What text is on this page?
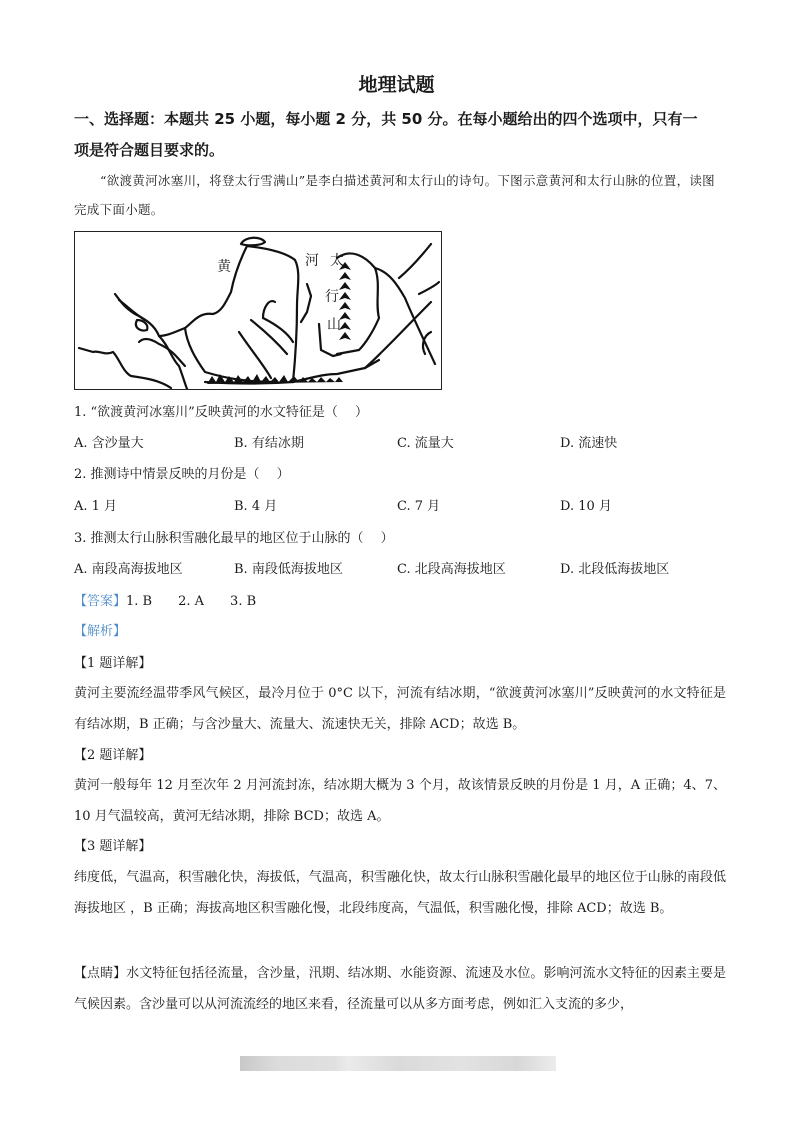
地理试题
一、选择题：本题共 25 小题，每小题 2 分，共 50 分。在每小题给出的四个选项中，只有一
项是符合题目要求的。
“欲渡黄河冰塞川，将登太行雪满山”是李白描述黄河和太行山的诗句。下图示意黄河和太行山脉的位置，读图完成下面小题。
黄	河 太
行
山
1. “欲渡黄河冰塞川”反映黄河的水文特征是（　 ）
A. 含沙量大	B. 有结冰期	C. 流量大	D. 流速快
2. 推测诗中情景反映的月份是（　 ）
A. 1 月	B. 4 月	C. 7 月	D. 10 月
3. 推测太行山脉积雪融化最早的地区位于山脉的（　 ）
A. 南段高海拔地区	B. 南段低海拔地区	C. 北段高海拔地区	D. 北段低海拔地区
【答案】1. B 2. A 3. B
【解析】
【1 题详解】
黄河主要流经温带季风气候区，最冷月位于 0°C 以下，河流有结冰期，“欲渡黄河冰塞川”反映黄河的水文特征是有结冰期，B 正确；与含沙量大、流量大、流速快无关，排除 ACD；故选 B。
【2 题详解】
黄河一般每年 12 月至次年 2 月河流封冻，结冰期大概为 3 个月，故该情景反映的月份是 1 月，A 正确；4、7、10 月气温较高，黄河无结冰期，排除 BCD；故选 A。
【3 题详解】
纬度低，气温高，积雪融化快，海拔低，气温高，积雪融化快，故太行山脉积雪融化最早的地区位于山脉的南段低海拔地区 ，B 正确；海拔高地区积雪融化慢，北段纬度高，气温低，积雪融化慢，排除 ACD；故选 B。
【点睛】水文特征包括径流量，含沙量，汛期、结冰期、水能资源、流速及水位。影响河流水文特征的因素主要是气候因素。含沙量可以从河流流经的地区来看，径流量可以从多方面考虑，例如汇入支流的多少，
